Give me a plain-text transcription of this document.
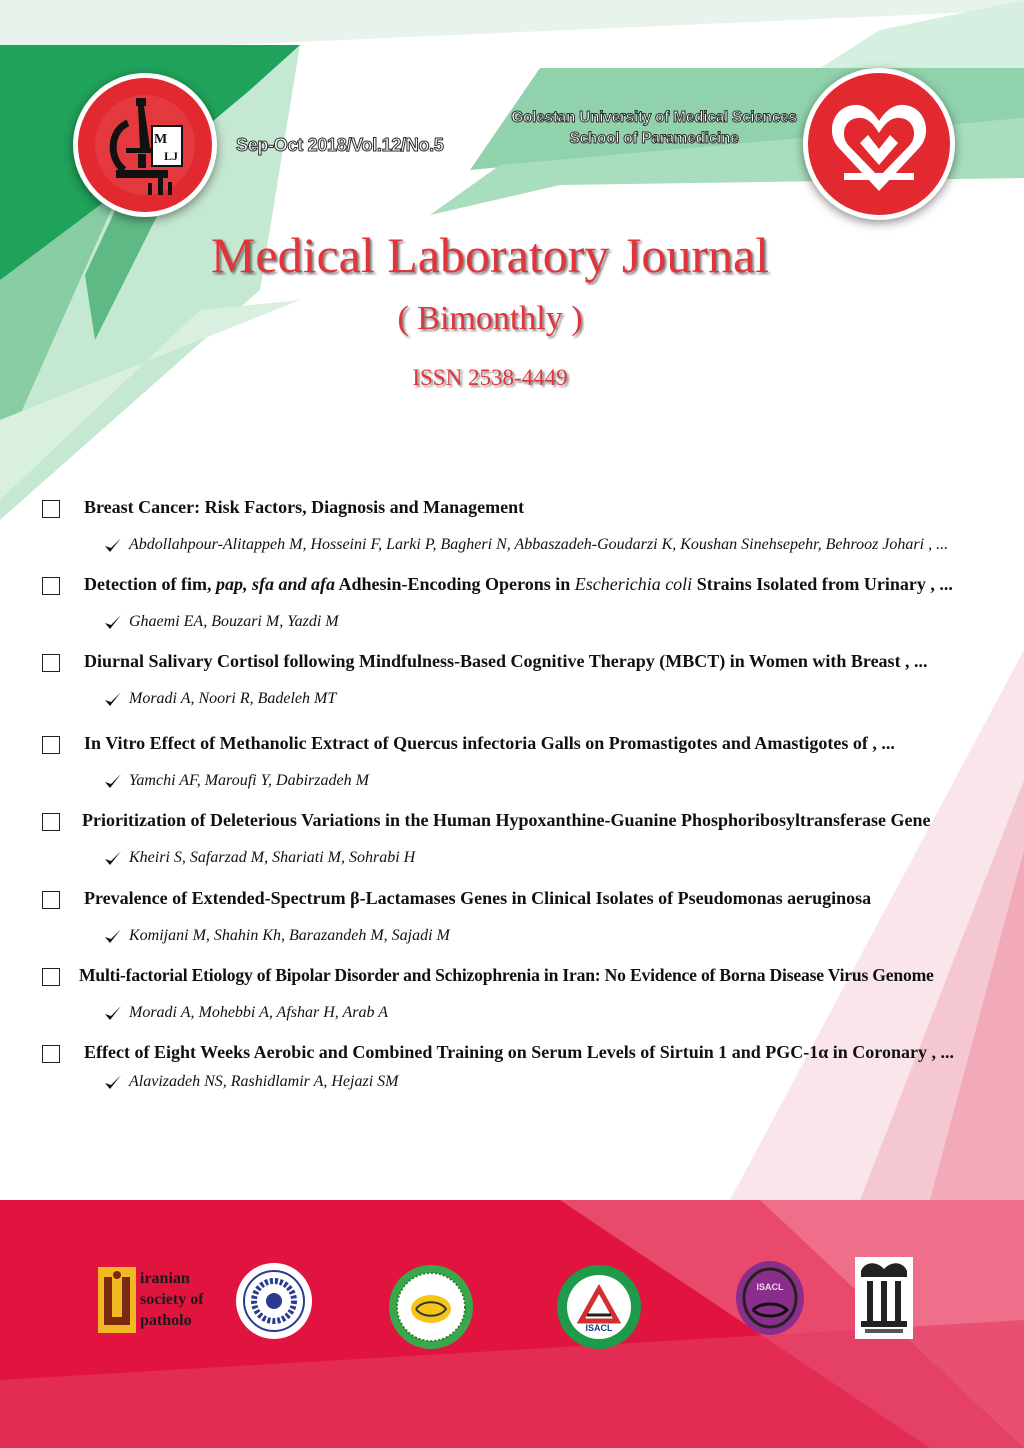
M
LJ
Sep-Oct 2018/Vol.12/No.5
Golestan University of Medical Sciences
School of Paramedicine
Medical Laboratory Journal
( Bimonthly )
ISSN 2538-4449
Breast Cancer: Risk Factors, Diagnosis and Management
Abdollahpour-Alitappeh M, Hosseini F, Larki P, Bagheri N, Abbaszadeh-Goudarzi K, Koushan Sinehsepehr, Behrooz Johari , ...
Detection of fim, pap, sfa and afa Adhesin-Encoding Operons in Escherichia coli Strains Isolated from Urinary , ...
Ghaemi EA, Bouzari M, Yazdi M
Diurnal Salivary Cortisol following Mindfulness-Based Cognitive Therapy (MBCT) in Women with Breast , ...
Moradi A, Noori R, Badeleh MT
In Vitro Effect of Methanolic Extract of Quercus infectoria Galls on Promastigotes and Amastigotes of , ...
Yamchi AF, Maroufi Y, Dabirzadeh M
Prioritization of Deleterious Variations in the Human Hypoxanthine-Guanine Phosphoribosyltransferase Gene
Kheiri S, Safarzad M, Shariati M, Sohrabi H
Prevalence of Extended-Spectrum β-Lactamases Genes in Clinical Isolates of Pseudomonas aeruginosa
Komijani M, Shahin Kh, Barazandeh M, Sajadi M
Multi-factorial Etiology of Bipolar Disorder and Schizophrenia in Iran: No Evidence of Borna Disease Virus Genome
Moradi A, Mohebbi A, Afshar H, Arab A
Effect of Eight Weeks Aerobic and Combined Training on Serum Levels of Sirtuin 1 and PGC-1α in Coronary , ...
Alavizadeh NS, Rashidlamir A, Hejazi SM
iranian
society of
patholo	ISACL
ISACL
